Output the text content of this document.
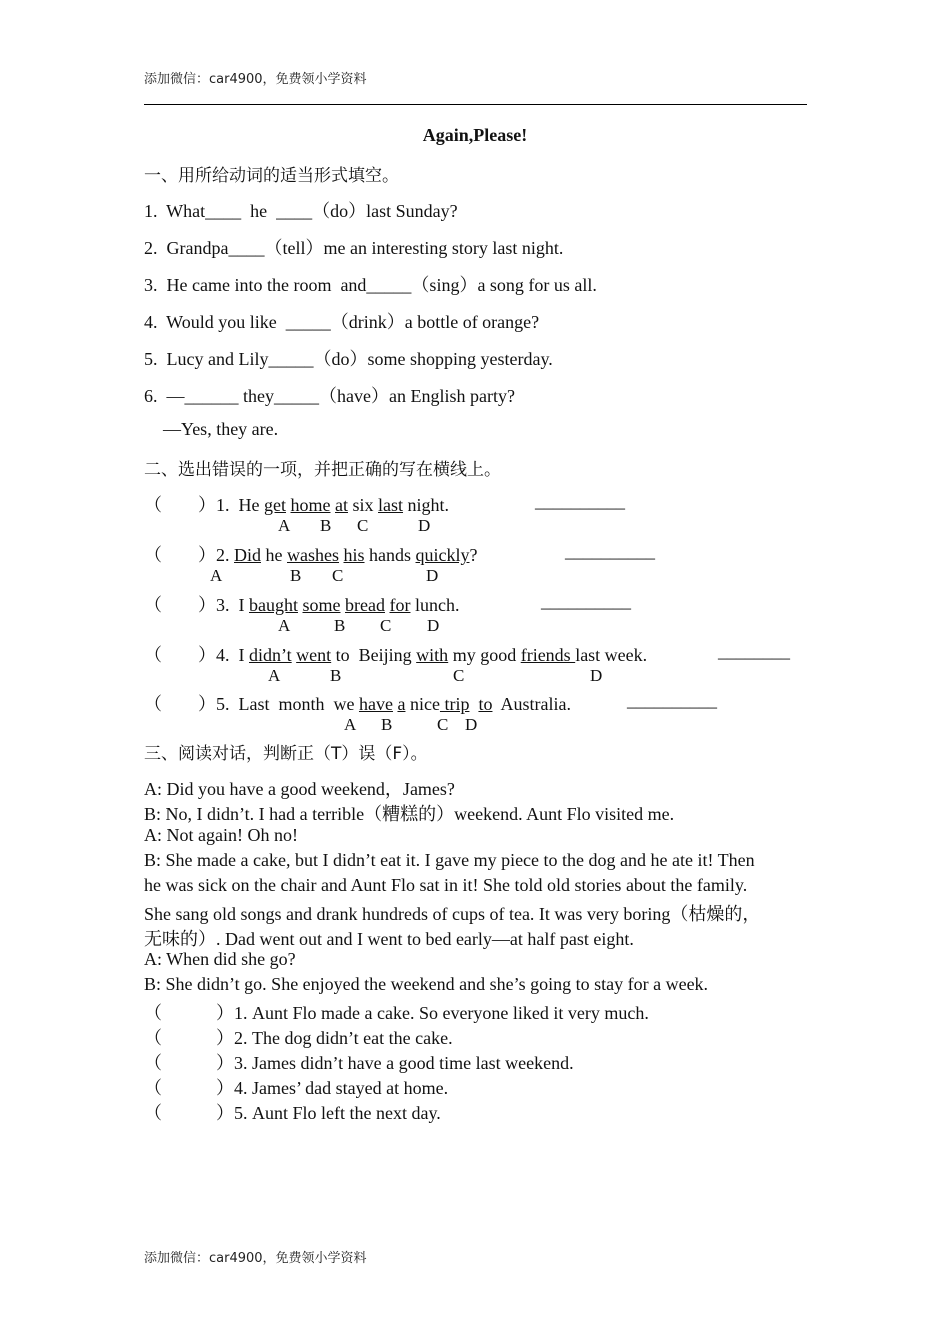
添加微信：car4900，免费领小学资料
Again,Please!
一、用所给动词的适当形式填空。
1.  What____  he  ____（do）last Sunday?
2.  Grandpa____（tell）me an interesting story last night.
3.  He came into the room  and_____（sing）a song for us all.
4.  Would you like  _____（drink）a bottle of orange?
5.  Lucy and Lily_____（do）some shopping yesterday.
6.  —______ they_____（have）an English party?
—Yes, they are.
二、选出错误的一项，并把正确的写在横线上。
（        ）1.  He get home at six last night.	__________
A B C	D
（        ）2. Did he washes his hands quickly?	__________
A	B C	D
（        ）3.  I baught some bread for lunch.	__________
A	B C D
（        ）4.  I didn’t went to  Beijing with my good friends last week.	________
A	B	C	D
（        ）5.  Last  month  we have a nice trip to  Australia.	__________
A B	C D
三、阅读对话，判断正（T）误（F）。
A: Did you have a good weekend，James?
B: No, I didn’t. I had a terrible（糟糕的）weekend. Aunt Flo visited me.
A: Not again! Oh no!
B: She made a cake, but I didn’t eat it. I gave my piece to the dog and he ate it! Then
he was sick on the chair and Aunt Flo sat in it! She told old stories about the family.
She sang old songs and drank hundreds of cups of tea. It was very boring（枯燥的，
无味的）. Dad went out and I went to bed early—at half past eight.
A: When did she go?
B: She didn’t go. She enjoyed the weekend and she’s going to stay for a week.
（            ）1. Aunt Flo made a cake. So everyone liked it very much.
（            ）2. The dog didn’t eat the cake.
（            ）3. James didn’t have a good time last weekend.
（            ）4. James’ dad stayed at home.
（            ）5. Aunt Flo left the next day.
添加微信：car4900，免费领小学资料
